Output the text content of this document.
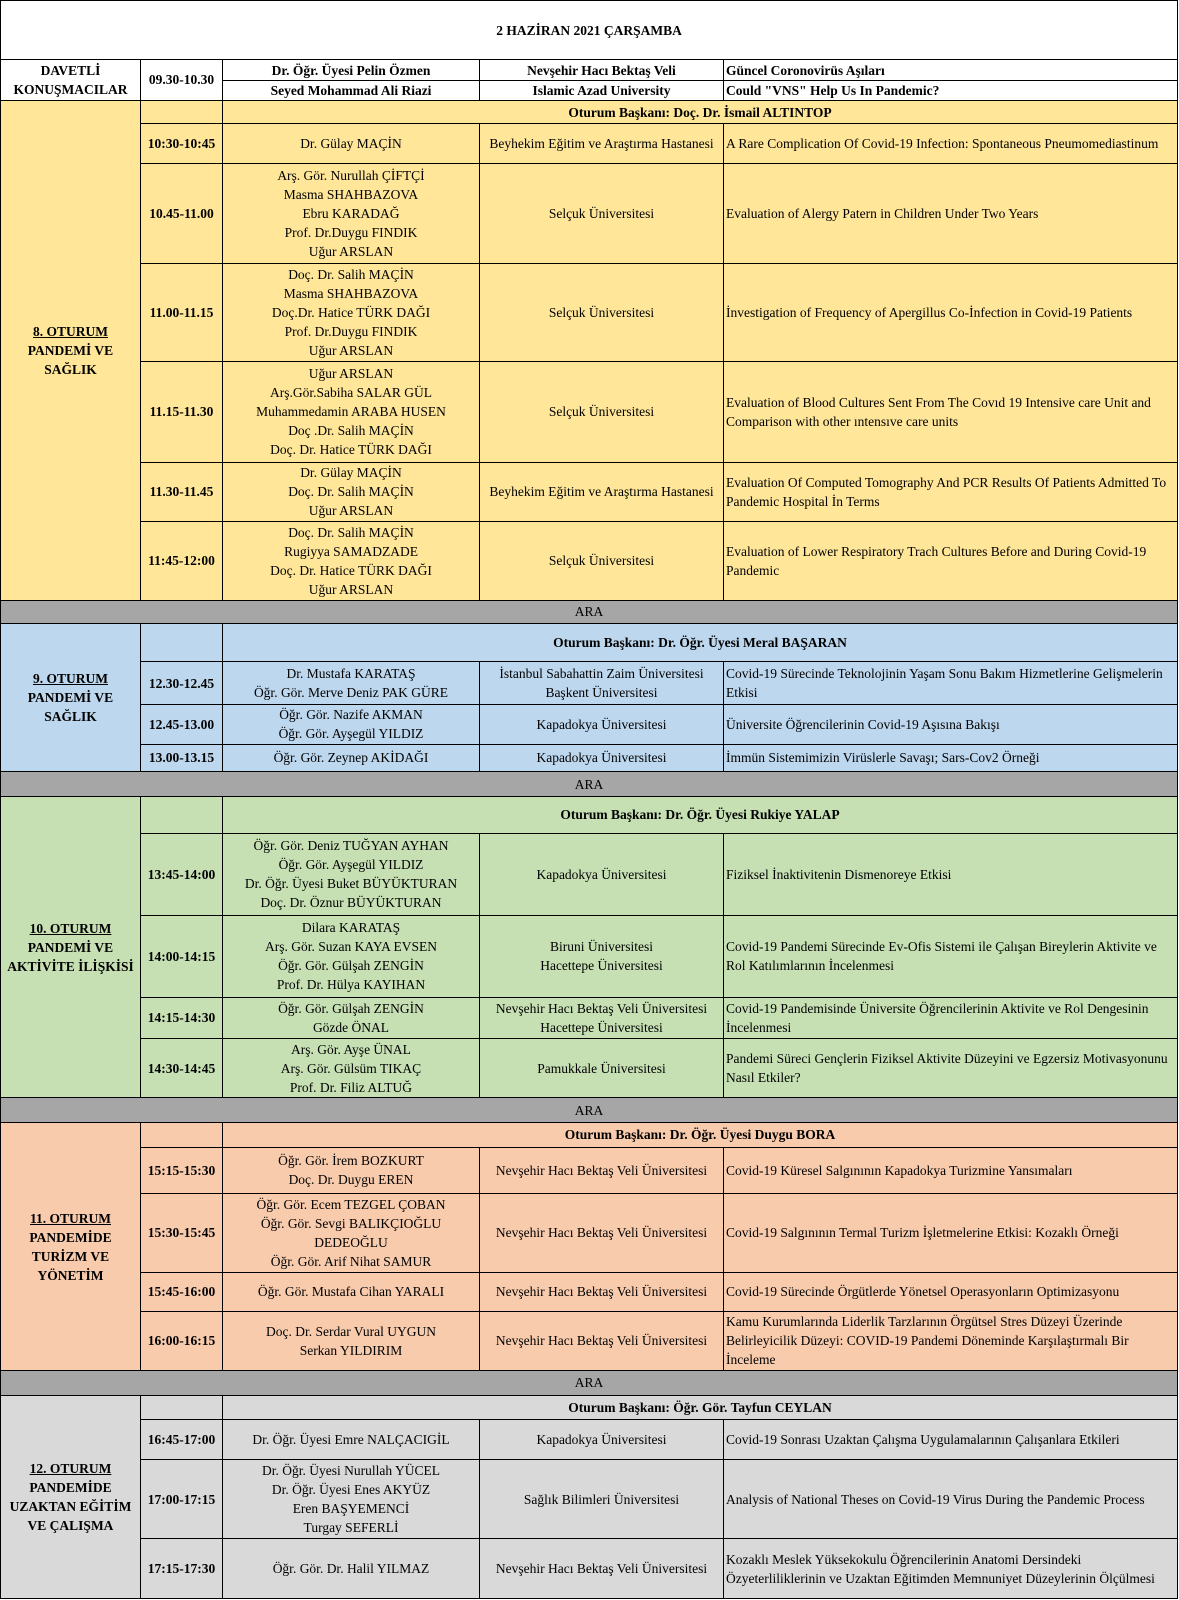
2 HAZİRAN 2021 ÇARŞAMBA				
DAVETLİ
KONUŞMACILAR	09.30-10.30	Dr. Öğr. Üyesi Pelin Özmen	Nevşehir Hacı Bektaş Veli	Güncel Coronovirüs Aşıları
		Seyed Mohammad Ali Riazi	Islamic Azad University	Could "VNS" Help Us In Pandemic?
8. OTURUM
PANDEMİ VE
SAĞLIK		Oturum Başkanı: Doç. Dr. İsmail ALTINTOP		
	10:30-10:45	Dr. Gülay MAÇİN	Beyhekim Eğitim ve Araştırma Hastanesi	A Rare Complication Of Covid-19 Infection: Spontaneous Pneumomediastinum
	10.45-11.00	Arş. Gör. Nurullah ÇİFTÇİ
Masma SHAHBAZOVA
Ebru KARADAĞ
Prof. Dr.Duygu FINDIK
Uğur ARSLAN	Selçuk Üniversitesi	Evaluation of Alergy Patern in Children Under Two Years
	11.00-11.15	Doç. Dr. Salih MAÇİN
Masma SHAHBAZOVA
Doç.Dr. Hatice TÜRK DAĞI
Prof. Dr.Duygu FINDIK
Uğur ARSLAN	Selçuk Üniversitesi	İnvestigation of Frequency of Apergillus Co-İnfection in Covid-19 Patients
	11.15-11.30	Uğur ARSLAN
Arş.Gör.Sabiha SALAR GÜL
Muhammedamin ARABA HUSEN
Doç .Dr. Salih MAÇİN
Doç. Dr. Hatice TÜRK DAĞI	Selçuk Üniversitesi	Evaluation of Blood Cultures Sent From The Covıd 19 Intensive care Unit and Comparison with other ıntensıve care units
	11.30-11.45	Dr. Gülay MAÇİN
Doç. Dr. Salih MAÇİN
Uğur ARSLAN	Beyhekim Eğitim ve Araştırma Hastanesi	Evaluation Of Computed Tomography And PCR Results Of Patients Admitted To Pandemic Hospital İn Terms
	11:45-12:00	Doç. Dr. Salih MAÇİN
Rugiyya SAMADZADE
Doç. Dr. Hatice TÜRK DAĞI
Uğur ARSLAN	Selçuk Üniversitesi	Evaluation of Lower Respiratory Trach Cultures Before and During Covid-19 Pandemic
ARA				
9. OTURUM
PANDEMİ VE
SAĞLIK		Oturum Başkanı: Dr. Öğr. Üyesi Meral BAŞARAN		
	12.30-12.45	Dr. Mustafa KARATAŞ
Öğr. Gör. Merve Deniz PAK GÜRE	İstanbul Sabahattin Zaim Üniversitesi
Başkent Üniversitesi	Covid-19 Sürecinde Teknolojinin Yaşam Sonu Bakım Hizmetlerine Gelişmelerin Etkisi
	12.45-13.00	Öğr. Gör. Nazife AKMAN
Öğr. Gör. Ayşegül YILDIZ	Kapadokya Üniversitesi	Üniversite Öğrencilerinin Covid-19 Aşısına Bakışı
	13.00-13.15	Öğr. Gör. Zeynep AKİDAĞI	Kapadokya Üniversitesi	İmmün Sistemimizin Virüslerle Savaşı; Sars-Cov2 Örneği
ARA				
10. OTURUM
PANDEMİ VE
AKTİVİTE İLİŞKİSİ		Oturum Başkanı: Dr. Öğr. Üyesi Rukiye YALAP		
	13:45-14:00	Öğr. Gör. Deniz TUĞYAN AYHAN
Öğr. Gör. Ayşegül YILDIZ
Dr. Öğr. Üyesi Buket BÜYÜKTURAN
Doç. Dr. Öznur BÜYÜKTURAN	Kapadokya Üniversitesi	Fiziksel İnaktivitenin Dismenoreye Etkisi
	14:00-14:15	Dilara KARATAŞ
Arş. Gör. Suzan KAYA EVSEN
Öğr. Gör. Gülşah ZENGİN
Prof. Dr. Hülya KAYIHAN	Biruni Üniversitesi
Hacettepe Üniversitesi	Covid-19 Pandemi Sürecinde Ev-Ofis Sistemi ile Çalışan Bireylerin Aktivite ve Rol Katılımlarının İncelenmesi
	14:15-14:30	Öğr. Gör. Gülşah ZENGİN
Gözde ÖNAL	Nevşehir Hacı Bektaş Veli Üniversitesi
Hacettepe Üniversitesi	Covid-19 Pandemisinde Üniversite Öğrencilerinin Aktivite ve Rol Dengesinin İncelenmesi
	14:30-14:45	Arş. Gör. Ayşe ÜNAL
Arş. Gör. Gülsüm TIKAÇ
Prof. Dr. Filiz ALTUĞ	Pamukkale Üniversitesi	Pandemi Süreci Gençlerin Fiziksel Aktivite Düzeyini ve Egzersiz Motivasyonunu Nasıl Etkiler?
ARA				
11. OTURUM
PANDEMİDE
TURİZM VE
YÖNETİM		Oturum Başkanı: Dr. Öğr. Üyesi Duygu BORA		
	15:15-15:30	Öğr. Gör. İrem BOZKURT
Doç. Dr. Duygu EREN	Nevşehir Hacı Bektaş Veli Üniversitesi	Covid-19 Küresel Salgınının Kapadokya Turizmine Yansımaları
	15:30-15:45	Öğr. Gör. Ecem TEZGEL ÇOBAN
Öğr. Gör. Sevgi BALIKÇIOĞLU
DEDEOĞLU
Öğr. Gör. Arif Nihat SAMUR	Nevşehir Hacı Bektaş Veli Üniversitesi	Covid-19 Salgınının Termal Turizm İşletmelerine Etkisi: Kozaklı Örneği
	15:45-16:00	Öğr. Gör. Mustafa Cihan YARALI	Nevşehir Hacı Bektaş Veli Üniversitesi	Covid-19 Sürecinde Örgütlerde Yönetsel Operasyonların Optimizasyonu
	16:00-16:15	Doç. Dr. Serdar Vural UYGUN
Serkan YILDIRIM	Nevşehir Hacı Bektaş Veli Üniversitesi	Kamu Kurumlarında Liderlik Tarzlarının Örgütsel Stres Düzeyi Üzerinde Belirleyicilik Düzeyi: COVID-19 Pandemi Döneminde Karşılaştırmalı Bir İnceleme
ARA				
12. OTURUM
PANDEMİDE
UZAKTAN EĞİTİM
VE ÇALIŞMA		Oturum Başkanı: Öğr. Gör. Tayfun CEYLAN		
	16:45-17:00	Dr. Öğr. Üyesi Emre NALÇACIGİL	Kapadokya Üniversitesi	Covid-19 Sonrası Uzaktan Çalışma Uygulamalarının Çalışanlara Etkileri
	17:00-17:15	Dr. Öğr. Üyesi Nurullah YÜCEL
Dr. Öğr. Üyesi Enes AKYÜZ
Eren BAŞYEMENCİ
Turgay SEFERLİ	Sağlık Bilimleri Üniversitesi	Analysis of National Theses on Covid-19 Virus During the Pandemic Process
	17:15-17:30	Öğr. Gör. Dr. Halil YILMAZ	Nevşehir Hacı Bektaş Veli Üniversitesi	Kozaklı Meslek Yüksekokulu Öğrencilerinin Anatomi Dersindeki Özyeterliliklerinin ve Uzaktan Eğitimden Memnuniyet Düzeylerinin Ölçülmesi
